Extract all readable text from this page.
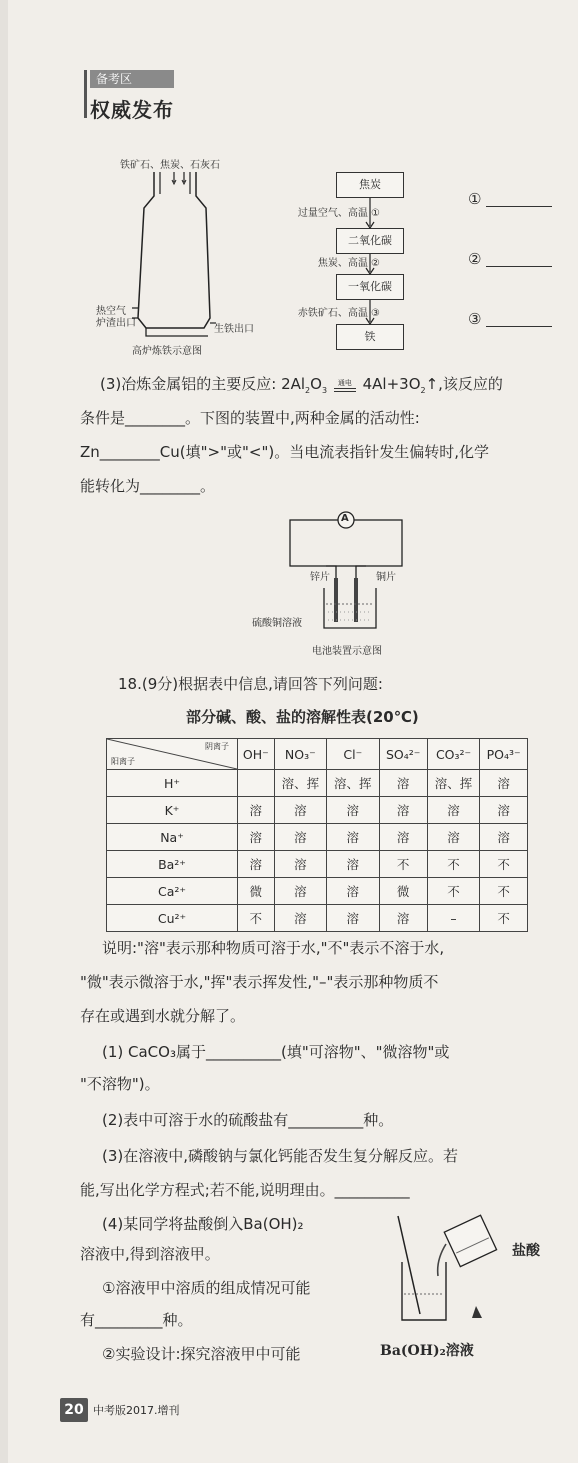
备考区
权威发布
铁矿石、焦炭、石灰石
热空气
炉渣出口
生铁出口
高炉炼铁示意图
焦炭
二氧化碳
一氧化碳
铁
过量空气、高温 ①
焦炭、高温 ②
赤铁矿石、高温 ③
①
②
③
(3)冶炼金属铝的主要反应: $2Al_2O_3$
通电 $4Al+3O_2↑$,该反应的
条件是________。下图的装置中,两种金属的活动性:
Zn________Cu(填">"或"<")。当电流表指针发生偏转时,化学
能转化为________。
A
锌片	铜片
硫酸铜溶液
电池装置示意图
18.(9分)根据表中信息,请回答下列问题:
部分碱、酸、盐的溶解性表(20℃)
阴离子
阳离子	OH⁻	NO₃⁻	Cl⁻	SO₄²⁻	CO₃²⁻	PO₄³⁻
H⁺		溶、挥	溶、挥	溶	溶、挥	溶
K⁺	溶	溶	溶	溶	溶	溶
Na⁺	溶	溶	溶	溶	溶	溶
Ba²⁺	溶	溶	溶	不	不	不
Ca²⁺	微	溶	溶	微	不	不
Cu²⁺	不	溶	溶	溶	–	不
说明:"溶"表示那种物质可溶于水,"不"表示不溶于水,
"微"表示微溶于水,"挥"表示挥发性,"–"表示那种物质不
存在或遇到水就分解了。
(1) CaCO₃属于__________(填"可溶物"、"微溶物"或
"不溶物")。
(2)表中可溶于水的硫酸盐有__________种。
(3)在溶液中,磷酸钠与氯化钙能否发生复分解反应。若
能,写出化学方程式;若不能,说明理由。__________
(4)某同学将盐酸倒入Ba(OH)₂
溶液中,得到溶液甲。
①溶液甲中溶质的组成情况可能
有_________种。
②实验设计:探究溶液甲中可能
盐酸
Ba(OH)₂溶液
20 中考版2017.增刊
